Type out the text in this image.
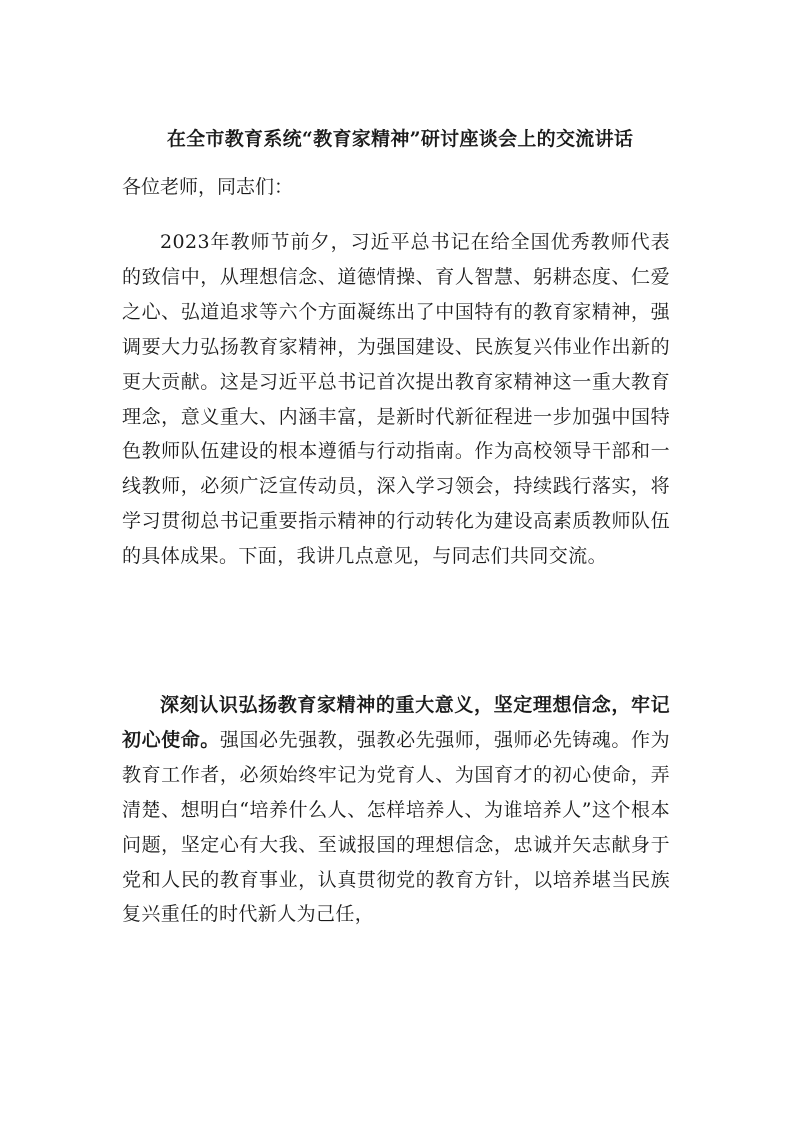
在全市教育系统“教育家精神”研讨座谈会上的交流讲话
各位老师，同志们：

2023年教师节前夕，习近平总书记在给全国优秀教师代表的致信中，从理想信念、道德情操、育人智慧、躬耕态度、仁爱之心、弘道追求等六个方面凝练出了中国特有的教育家精神，强调要大力弘扬教育家精神，为强国建设、民族复兴伟业作出新的更大贡献。这是习近平总书记首次提出教育家精神这一重大教育理念，意义重大、内涵丰富，是新时代新征程进一步加强中国特色教师队伍建设的根本遵循与行动指南。作为高校领导干部和一线教师，必须广泛宣传动员，深入学习领会，持续践行落实，将学习贯彻总书记重要指示精神的行动转化为建设高素质教师队伍的具体成果。下面，我讲几点意见，与同志们共同交流。

深刻认识弘扬教育家精神的重大意义，坚定理想信念，牢记初心使命。强国必先强教，强教必先强师，强师必先铸魂。作为教育工作者，必须始终牢记为党育人、为国育才的初心使命，弄清楚、想明白“培养什么人、怎样培养人、为谁培养人”这个根本问题，坚定心有大我、至诚报国的理想信念，忠诚并矢志献身于党和人民的教育事业，认真贯彻党的教育方针，以培养堪当民族复兴重任的时代新人为己任，
